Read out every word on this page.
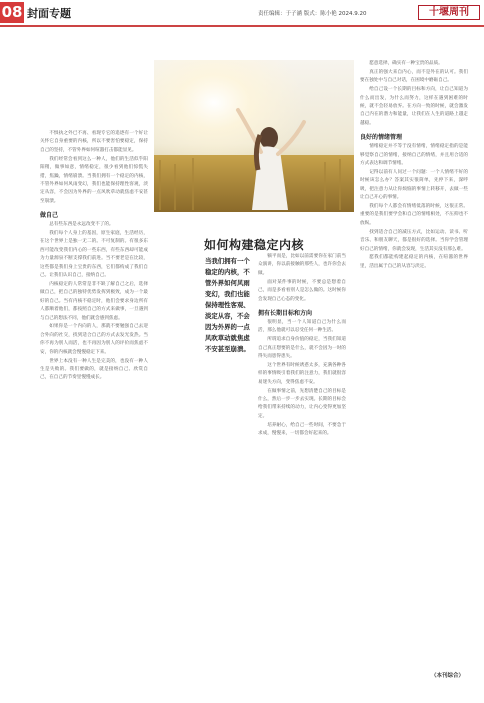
08 封面专题	责任编辑：于子涵 版式：陈小艳 2024.9.20	十堰周刊
如何构建稳定内核
当我们拥有一个稳定的内核，不管外界如何风雨变幻，我们也能保持理性客观、淡定从容，不会因为外界的一点风吹草动就焦虑不安甚至崩溃。

不惧执之外已不再、看现专它的追逐有一个好让关怀它自身重要的内核，所以不要害怕要稳定，保持自己的坚持，不管外界如何喧嚣打击都能显见。

我们经常会看到这么一种人，他们的生活似乎阳阳稍，做事如意，情绪稳定，很少看到他们惊慌失措，焦躁，情绪崩溃。当我们拥有一个稳定的内核，不管外界如何风雨变幻，我们也能保持理性客观，淡定从容，不会因为外界的一点风吹草动就焦虑不安甚至崩溃。

做自己

总有些东西是永远改变不了的。

我们每个人身上的基因，原生家庭，生活经历，在这个世界上是独一无二的。不可复制的。有很多东西可能改变我们内心的一些东西，有些东西却可能成为力量源泉不断支撑我们前进。当不要老是在比较，这些都是我们身上宝贵的东西，它们都构成了我们自己。让我们认识自己，接纳自己。

内核稳定的人常常是非不缺了解自己之后，选择做自己，把自己的独特优势发挥到极致，成为一个最好的自己。当有内核不稳定时，他们会要求身边所有人都顺着他们，都按照自己的方式来做事，一旦遇到与自己的想法不同，他们就会感到焦虑。

如果你是一个内向的人，那就不要勉强自己去迎合外向的社交，找到适合自己的方式去发光发热。当你不再为别人而活，也不再因为别人的评价而焦虑不安，你的内核就会慢慢稳定下来。

世界上本没有一种人生是完美的，也没有一种人生是失败的。我们要做的，就是接纳自己、欣赏自己，在自己的节奏里慢慢成长。

躺平而是，比如以前需要你在家门前当众演讲，你以前接触的那些人，也许你会去做。

面对某件事的时候，不要总是想着自己，而是多看看别人是怎么做的。这时候你会发现自己心态的变化。

拥有长期目标和方向

很明显，当一个人知道自己为什么而活，那么他就可以忍受任何一种生活。

所谓追求自身价值的稳定，当我们知道自己真正想要的是什么，就不会因为一时的得失而患得患失。

这个世界有时候诱惑太多，充满各种各样的事情吸引着我们的注意力，我们就很容易迷失方向，变得焦虑不安。

在做事情之前，先想清楚自己的目标是什么，然后一步一步去实现。长期的目标会给我们带来持续的动力，让内心变得更加坚定。

培养耐心，给自己一些时间，不要急于求成，慢慢来，一切都会好起来的。

愿意选择，确实有一种宝贵的品质。

真正的强大来自内心，而不是外在的认可。我们要在独处中与自己对话，在困境中磨砺自己。

给自己设一个长期的目标和方向，让自己知道为什么而出发，为什么而努力，这样在遇到困难的时候，就不会轻易放弃。在方向一致的时候，就会激发自己内在的潜力和能量，让我们在人生的道路上越走越稳。

良好的情绪管理

情绪稳定并不等于没有情绪，情绪稳定指的是能够觉察自己的情绪，接纳自己的情绪，并且用合适的方式表达和调节情绪。

记得以前有人问过一个问题：一个人情绪不好的时候该怎么办？答案其实很简单，先停下来，深呼吸，把注意力从让你烦恼的事情上转移开，去做一些让自己开心的事情。

我们每个人都会有情绪低落的时候，这很正常。重要的是我们要学会和自己的情绪相处，不压抑也不放纵。

找到适合自己的减压方式，比如运动、读书、听音乐、和朋友聊天，都是很好的选择。当你学会管理好自己的情绪，你就会发现，生活其实没有那么难。

愿我们都能构建起稳定的内核，在喧嚣的世界里，活出属于自己的从容与淡定。

（本刊综合）
